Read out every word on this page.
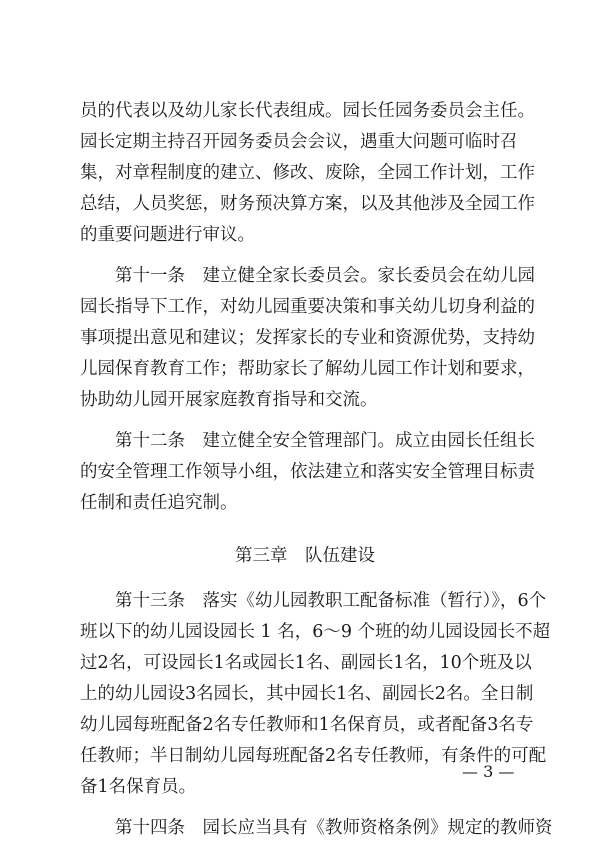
员的代表以及幼儿家长代表组成。园长任园务委员会主任。
园长定期主持召开园务委员会会议，遇重大问题可临时召
集，对章程制度的建立、修改、废除，全园工作计划，工作
总结，人员奖惩，财务预决算方案，以及其他涉及全园工作
的重要问题进行审议。
第十一条　建立健全家长委员会。家长委员会在幼儿园
园长指导下工作，对幼儿园重要决策和事关幼儿切身利益的
事项提出意见和建议；发挥家长的专业和资源优势，支持幼
儿园保育教育工作；帮助家长了解幼儿园工作计划和要求，
协助幼儿园开展家庭教育指导和交流。
第十二条　建立健全安全管理部门。成立由园长任组长
的安全管理工作领导小组，依法建立和落实安全管理目标责
任制和责任追究制。
第三章　队伍建设
第十三条　落实《幼儿园教职工配备标准（暂行）》，6个
班以下的幼儿园设园长 1 名，6～9 个班的幼儿园设园长不超
过2名，可设园长1名或园长1名、副园长1名，10个班及以
上的幼儿园设3名园长，其中园长1名、副园长2名。全日制
幼儿园每班配备2名专任教师和1名保育员，或者配备3名专
任教师；半日制幼儿园每班配备2名专任教师，有条件的可配
备1名保育员。
第十四条　园长应当具有《教师资格条例》规定的教师资
— 3 —
